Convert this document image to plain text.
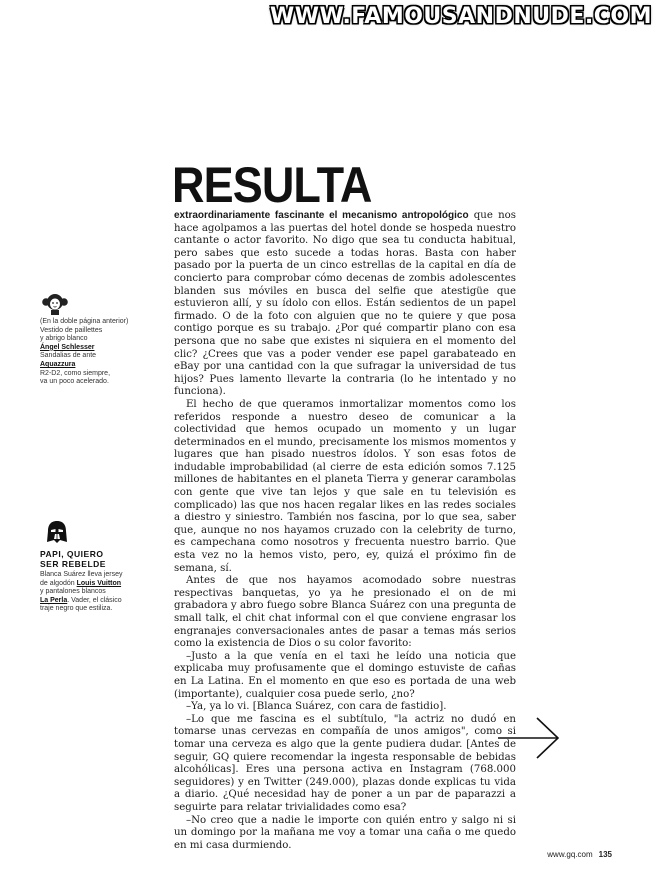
WWW.FAMOUSANDNUDE.COM
RESULTA

extraordinariamente fascinante el mecanismo antropológico que nos hace agolpamos a las puertas del hotel donde se hospeda nuestro cantante o actor favorito. No digo que sea tu conducta habitual, pero sabes que esto sucede a todas horas. Basta con haber pasado por la puerta de un cinco estrellas de la capital en día de concierto para comprobar cómo decenas de zombis adolescentes blanden sus móviles en busca del selfie que atestigüe que estuvieron allí, y su ídolo con ellos. Están sedientos de un papel firmado. O de la foto con alguien que no te quiere y que posa contigo porque es su trabajo. ¿Por qué compartir plano con esa persona que no sabe que existes ni siquiera en el momento del clic? ¿Crees que vas a poder vender ese papel garabateado en eBay por una cantidad con la que sufragar la universidad de tus hijos? Pues lamento llevarte la contraria (lo he intentado y no funciona).

El hecho de que queramos inmortalizar momentos como los referidos responde a nuestro deseo de comunicar a la colectividad que hemos ocupado un momento y un lugar determinados en el mundo, precisamente los mismos momentos y lugares que han pisado nuestros ídolos. Y son esas fotos de indudable improbabilidad (al cierre de esta edición somos 7.125 millones de habitantes en el planeta Tierra y generar carambolas con gente que vive tan lejos y que sale en tu televisión es complicado) las que nos hacen regalar likes en las redes sociales a diestro y siniestro. También nos fascina, por lo que sea, saber que, aunque no nos hayamos cruzado con la celebrity de turno, es campechana como nosotros y frecuenta nuestro barrio. Que esta vez no la hemos visto, pero, ey, quizá el próximo fin de semana, sí.

Antes de que nos hayamos acomodado sobre nuestras respectivas banquetas, yo ya he presionado el on de mi grabadora y abro fuego sobre Blanca Suárez con una pregunta de small talk, el chit chat informal con el que conviene engrasar los engranajes conversacionales antes de pasar a temas más serios como la existencia de Dios o su color favorito:

–Justo a la que venía en el taxi he leído una noticia que explicaba muy profusamente que el domingo estuviste de cañas en La Latina. En el momento en que eso es portada de una web (importante), cualquier cosa puede serlo, ¿no?

–Ya, ya lo vi. [Blanca Suárez, con cara de fastidio].

–Lo que me fascina es el subtítulo, "la actriz no dudó en tomarse unas cervezas en compañía de unos amigos", como si tomar una cerveza es algo que la gente pudiera dudar. [Antes de seguir, GQ quiere recomendar la ingesta responsable de bebidas alcohólicas]. Eres una persona activa en Instagram (768.000 seguidores) y en Twitter (249.000), plazas donde explicas tu vida a diario. ¿Qué necesidad hay de poner a un par de paparazzi a seguirte para relatar trivialidades como esa?

–No creo que a nadie le importe con quién entro y salgo ni si un domingo por la mañana me voy a tomar una caña o me quedo en mi casa durmiendo.

(En la doble página anterior)
Vestido de paillettes
y abrigo blanco
Ángel Schlesser
Sandalias de ante
Aquazzura
R2-D2, como siempre,
va un poco acelerado.
PAPI, QUIERO
SER REBELDE
Blanca Suárez lleva jersey
de algodón Louis Vuitton
y pantalones blancos
La Perla. Vader, el clásico
traje negro que estiliza.
www.gq.com 135
